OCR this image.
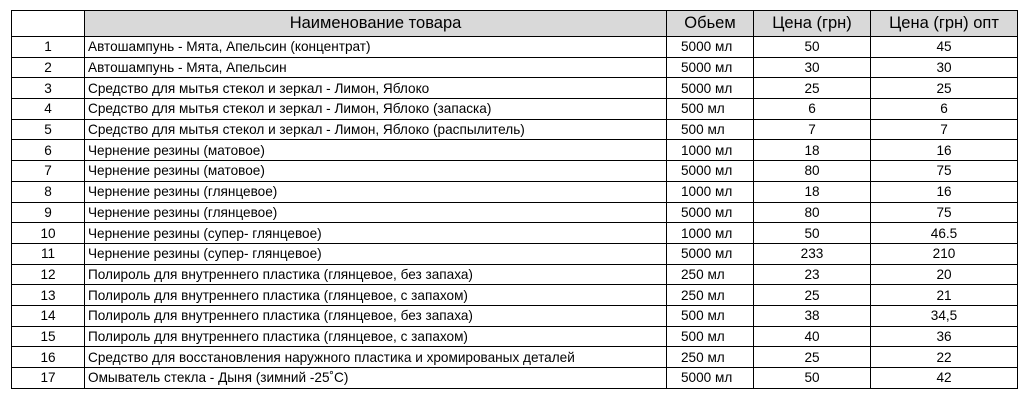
	Наименование товара	Обьем	Цена (грн)	Цена (грн) опт
1	Автошампунь - Мята, Апельсин (концентрат)	5000 мл	50	45
2	Автошампунь - Мята, Апельсин	5000 мл	30	30
3	Средство для мытья стекол и зеркал - Лимон, Яблоко	5000 мл	25	25
4	Средство для мытья стекол и зеркал - Лимон, Яблоко (запаска)	500 мл	6	6
5	Средство для мытья стекол и зеркал - Лимон, Яблоко (распылитель)	500 мл	7	7
6	Чернение резины (матовое)	1000 мл	18	16
7	Чернение резины (матовое)	5000 мл	80	75
8	Чернение резины (глянцевое)	1000 мл	18	16
9	Чернение резины (глянцевое)	5000 мл	80	75
10	Чернение резины (супер- глянцевое)	1000 мл	50	46.5
11	Чернение резины (супер- глянцевое)	5000 мл	233	210
12	Полироль для внутреннего пластика (глянцевое, без запаха)	250 мл	23	20
13	Полироль для внутреннего пластика (глянцевое, с запахом)	250 мл	25	21
14	Полироль для внутреннего пластика (глянцевое, без запаха)	500 мл	38	34,5
15	Полироль для внутреннего пластика (глянцевое, с запахом)	500 мл	40	36
16	Средство для восстановления наружного пластика и хромированых деталей	250 мл	25	22
17	Омыватель стекла - Дыня (зимний -25˚С)	5000 мл	50	42
